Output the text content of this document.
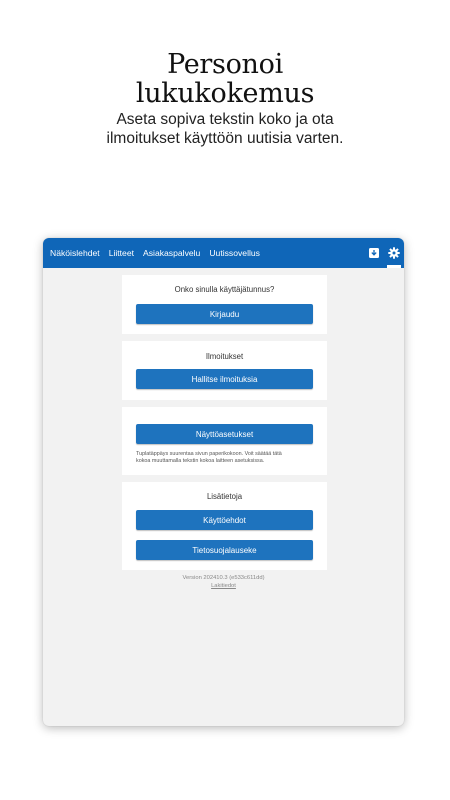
Personoi
lukukokemus
Aseta sopiva tekstin koko ja ota
ilmoitukset käyttöön uutisia varten.
Näköislehdet Liitteet Asiakaspalvelu Uutissovellus
Onko sinulla käyttäjätunnus?
Kirjaudu
Ilmoitukset
Hallitse ilmoituksia
Näyttöasetukset
Tuplatäppäys suurentaa sivun paperikokoon. Voit säätää tätä
kokoa muuttamalla tekstin kokoa laitteen asetuksissa.
Lisätietoja
Käyttöehdot
Tietosuojalauseke
Version 202410.3 (e533c611dd)
Lakitiedot
